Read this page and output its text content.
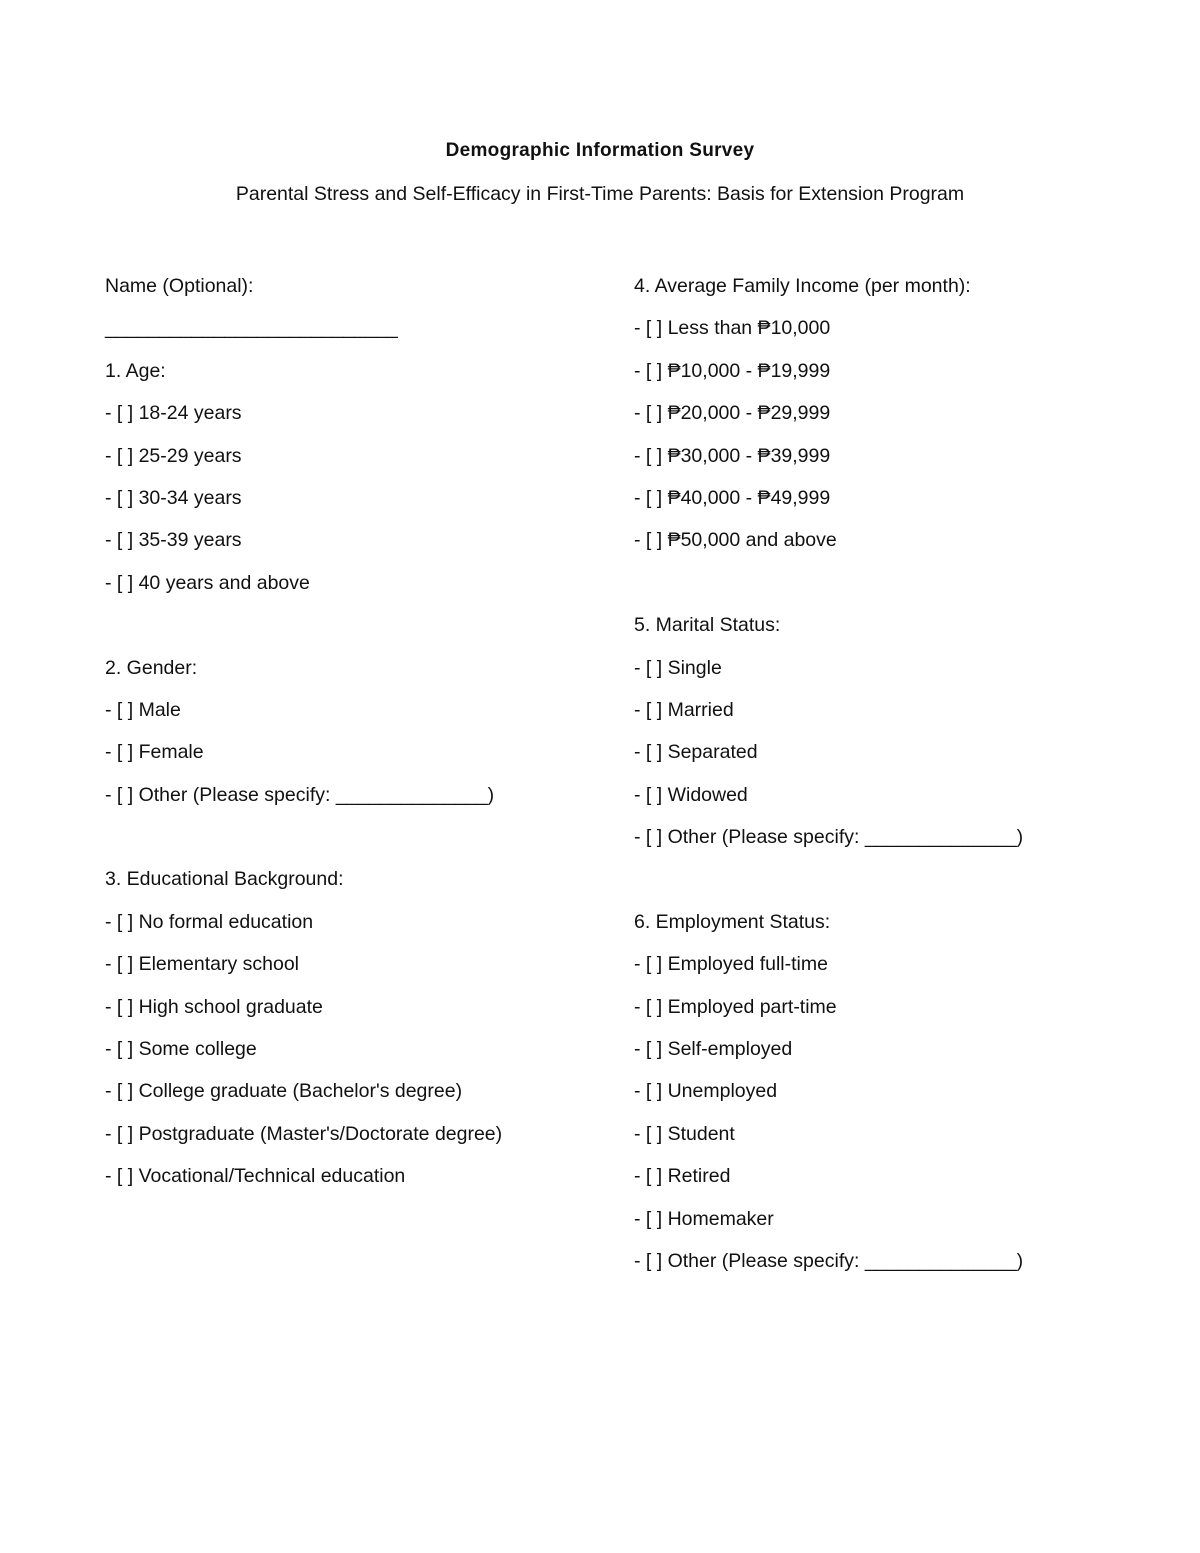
Demographic Information Survey

Parental Stress and Self-Efficacy in First-Time Parents: Basis for Extension Program

Name (Optional):

___________________________

1. Age:

- [ ] 18-24 years

- [ ] 25-29 years

- [ ] 30-34 years

- [ ] 35-39 years

- [ ] 40 years and above

2. Gender:

- [ ] Male

- [ ] Female

- [ ] Other (Please specify: ______________)

3. Educational Background:

- [ ] No formal education

- [ ] Elementary school

- [ ] High school graduate

- [ ] Some college

- [ ] College graduate (Bachelor's degree)

- [ ] Postgraduate (Master's/Doctorate degree)

- [ ] Vocational/Technical education

4. Average Family Income (per month):

- [ ] Less than ₱10,000

- [ ] ₱10,000 - ₱19,999

- [ ] ₱20,000 - ₱29,999

- [ ] ₱30,000 - ₱39,999

- [ ] ₱40,000 - ₱49,999

- [ ] ₱50,000 and above

5. Marital Status:

- [ ] Single

- [ ] Married

- [ ] Separated

- [ ] Widowed

- [ ] Other (Please specify: ______________)

6. Employment Status:

- [ ] Employed full-time

- [ ] Employed part-time

- [ ] Self-employed

- [ ] Unemployed

- [ ] Student

- [ ] Retired

- [ ] Homemaker

- [ ] Other (Please specify: ______________)
